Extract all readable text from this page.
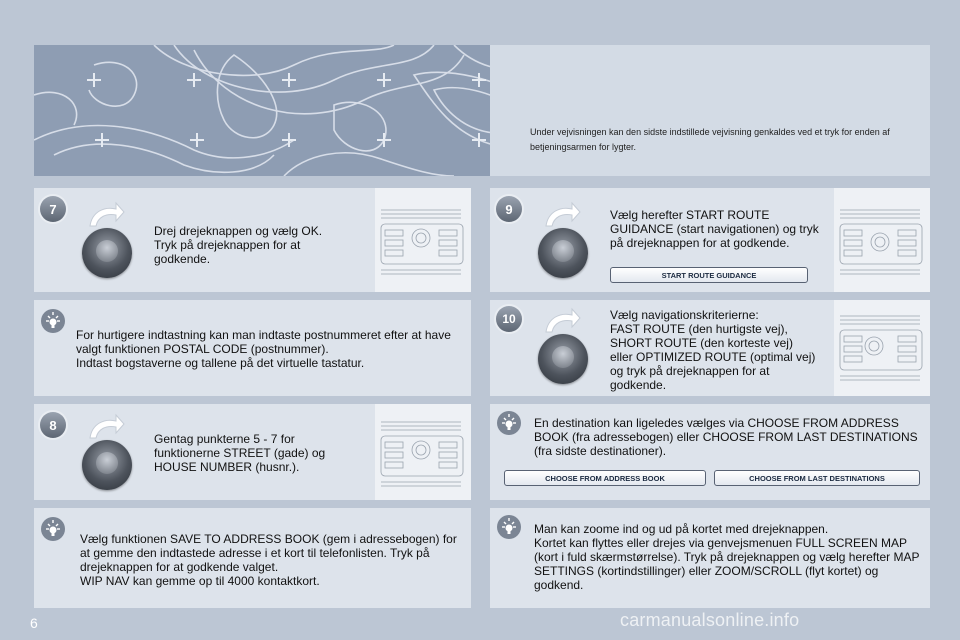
Under vejvisningen kan den sidste indstillede vejvisning genkaldes ved et tryk for enden af betjeningsarmen for lygter.
7
Drej drejeknappen og vælg OK.
Tryk på drejeknappen for at godkende.
For hurtigere indtastning kan man indtaste postnummeret efter at have valgt funktionen POSTAL CODE (postnummer).
Indtast bogstaverne og tallene på det virtuelle tastatur.
8
Gentag punkterne 5 - 7 for funktionerne STREET (gade) og HOUSE NUMBER (husnr.).
Vælg funktionen SAVE TO ADDRESS BOOK (gem i adressebogen) for at gemme den indtastede adresse i et kort til telefonlisten. Tryk på drejeknappen for at godkende valget.
WIP NAV kan gemme op til 4000 kontaktkort.
9	Vælg herefter START ROUTE GUIDANCE (start navigationen) og tryk på drejeknappen for at godkende.
START ROUTE GUIDANCE
10	Vælg navigationskriterierne:
FAST ROUTE (den hurtigste vej),
SHORT ROUTE (den korteste vej)
eller OPTIMIZED ROUTE (optimal vej) og tryk på drejeknappen for at godkende.
En destination kan ligeledes vælges via CHOOSE FROM ADDRESS BOOK (fra adressebogen) eller CHOOSE FROM LAST DESTINATIONS (fra sidste destinationer).
CHOOSE FROM ADDRESS BOOK	CHOOSE FROM LAST DESTINATIONS
Man kan zoome ind og ud på kortet med drejeknappen.
Kortet kan flyttes eller drejes via genvejsmenuen FULL SCREEN MAP (kort i fuld skærmstørrelse). Tryk på drejeknappen og vælg herefter MAP SETTINGS (kortindstillinger) eller ZOOM/SCROLL (flyt kortet) og godkend.
6	carmanualsonline.info
